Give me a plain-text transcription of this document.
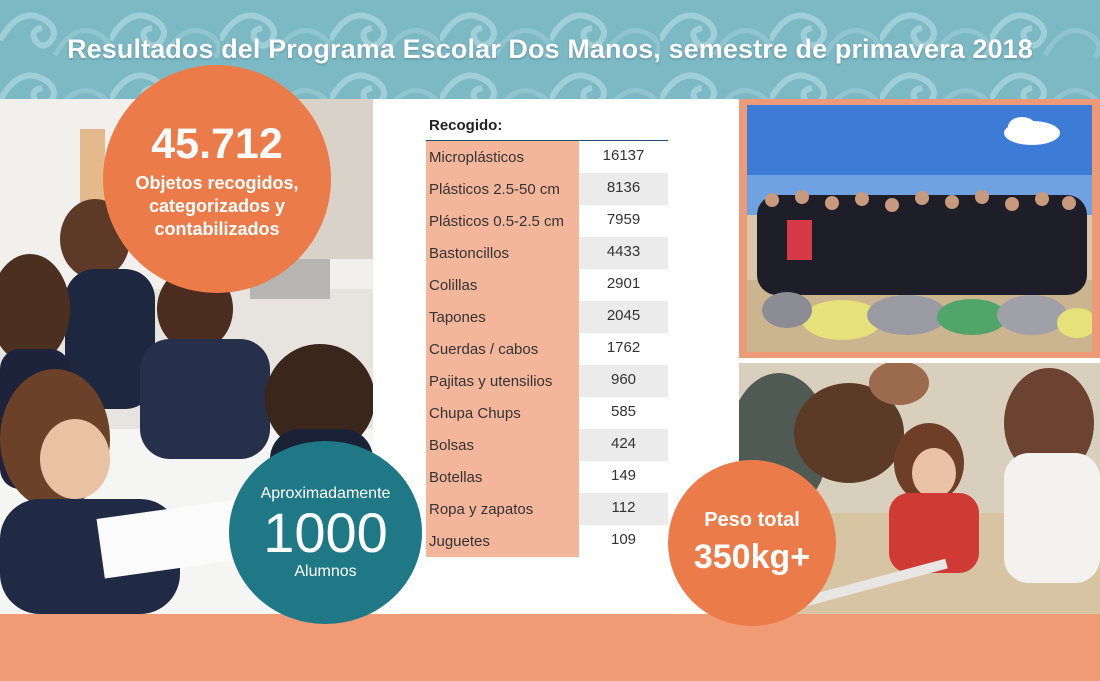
Resultados del Programa Escolar Dos Manos, semestre de primavera 2018
45.712
Objetos recogidos, categorizados y contabilizados
Aproximadamente
1000
Alumnos
Peso total
350kg+
Recogido:
Microplásticos	16137
Plásticos 2.5-50 cm	8136
Plásticos 0.5-2.5 cm	7959
Bastoncillos	4433
Colillas	2901
Tapones	2045
Cuerdas / cabos	1762
Pajitas y utensilios	960
Chupa Chups	585
Bolsas	424
Botellas	149
Ropa y zapatos	112
Juguetes	109
